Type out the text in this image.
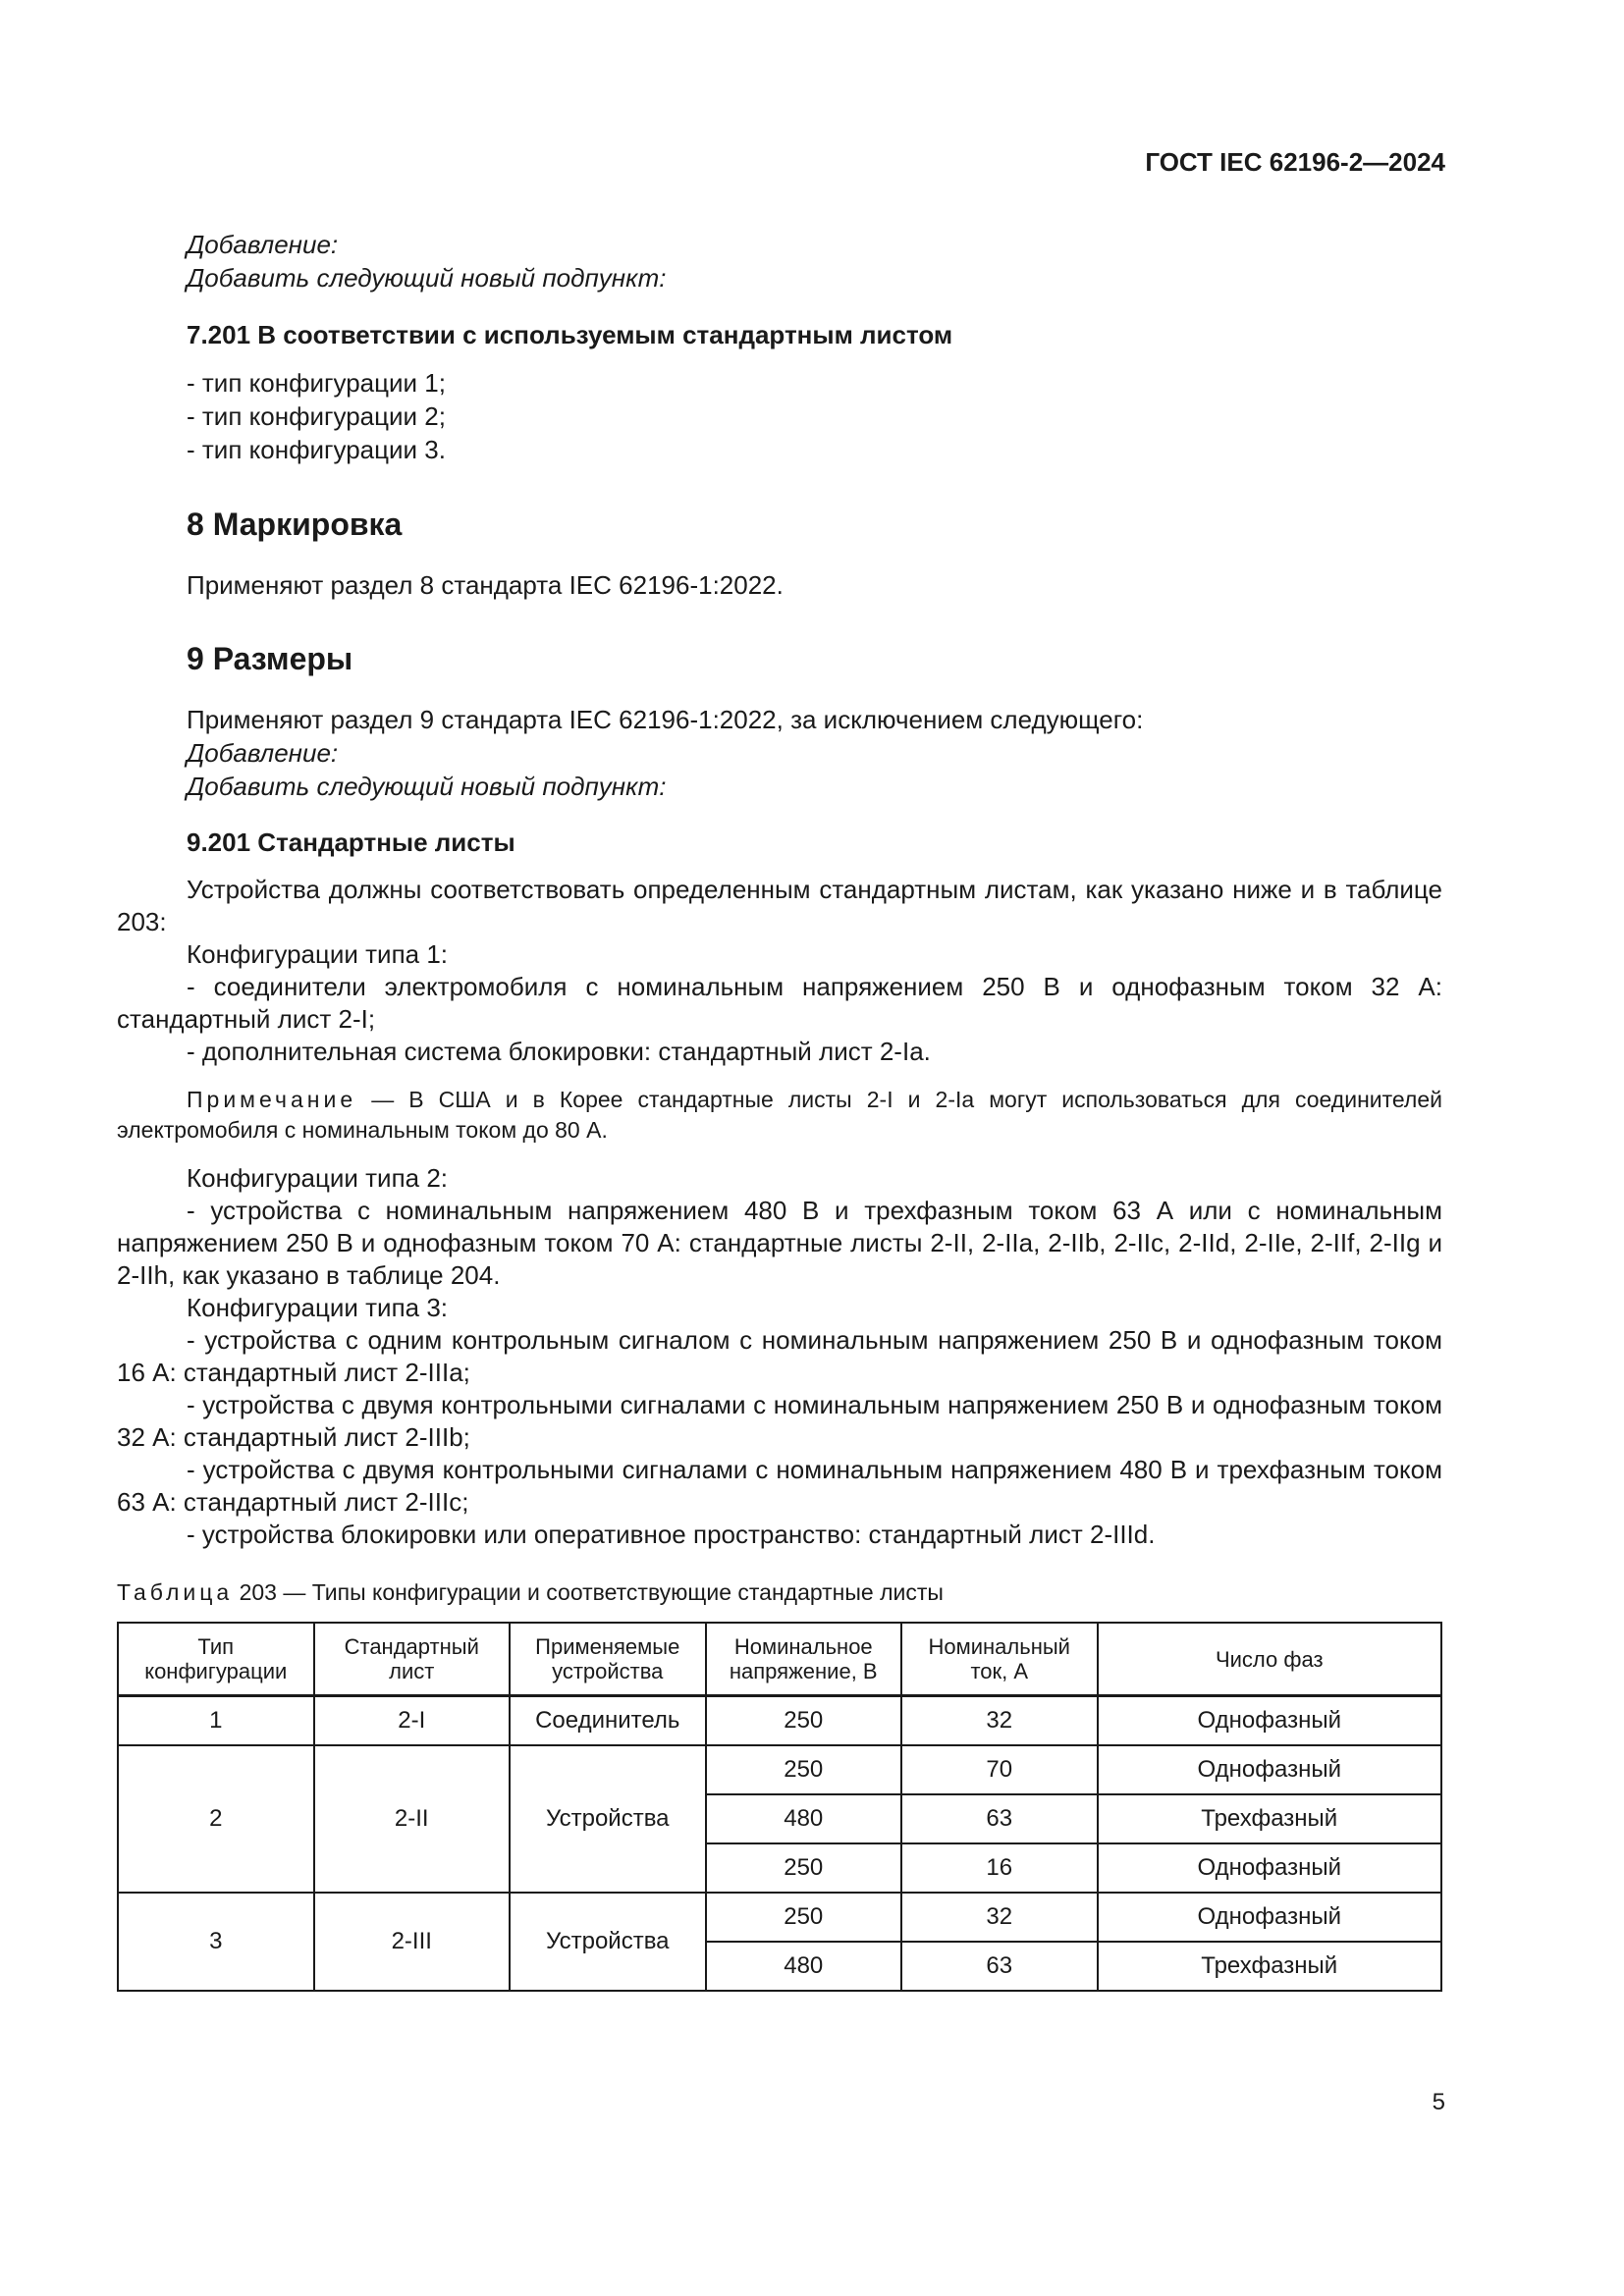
ГОСТ IEC 62196-2—2024
Добавление:
Добавить следующий новый подпункт:
7.201 В соответствии с используемым стандартным листом
- тип конфигурации 1;
- тип конфигурации 2;
- тип конфигурации 3.
8 Маркировка
Применяют раздел 8 стандарта IEC 62196-1:2022.
9 Размеры
Применяют раздел 9 стандарта IEC 62196-1:2022, за исключением следующего:
Добавление:
Добавить следующий новый подпункт:
9.201 Стандартные листы
Устройства должны соответствовать определенным стандартным листам, как указано ниже и в таблице 203:
Конфигурации типа 1:
- соединители электромобиля с номинальным напряжением 250 В и однофазным током 32 А: стандартный лист 2-I;
- дополнительная система блокировки: стандартный лист 2-Ia.
Примечание — В США и в Корее стандартные листы 2-I и 2-Ia могут использоваться для соединителей электромобиля с номинальным током до 80 А.
Конфигурации типа 2:
- устройства с номинальным напряжением 480 В и трехфазным током 63 А или с номинальным напряжением 250 В и однофазным током 70 А: стандартные листы 2-II, 2-IIa, 2-IIb, 2-IIc, 2-IId, 2-IIe, 2-IIf, 2-IIg и 2-IIh, как указано в таблице 204.
Конфигурации типа 3:
- устройства с одним контрольным сигналом с номинальным напряжением 250 В и однофазным током 16 А: стандартный лист 2-IIIa;
- устройства с двумя контрольными сигналами с номинальным напряжением 250 В и однофазным током 32 А: стандартный лист 2-IIIb;
- устройства с двумя контрольными сигналами с номинальным напряжением 480 В и трехфазным током 63 А: стандартный лист 2-IIIc;
- устройства блокировки или оперативное пространство: стандартный лист 2-IIId.
Таблица 203 — Типы конфигурации и соответствующие стандартные листы
Тип конфигурации	Стандартный лист	Применяемые устройства	Номинальное напряжение, В	Номинальный ток, А	Число фаз
1	2-I	Соединитель	250	32	Однофазный
2	2-II	Устройства	250	70	Однофазный
			480	63	Трехфазный
			250	16	Однофазный
3	2-III	Устройства	250	32	Однофазный
			480	63	Трехфазный
5
